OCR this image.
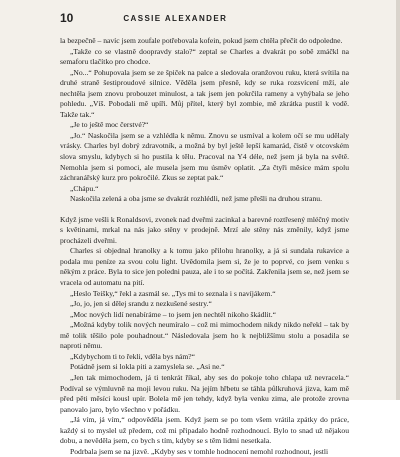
10	CASSIE ALEXANDER

la bezpečně – navíc jsem zoufale potřebovala kofein, pokud jsem chtěla přečít do odpoledne.

„Takže co se vlastně doopravdy stalo?“ zeptal se Charles a dvakrát po sobě zmáčkl na semaforu tlačítko pro chodce.

„No...“ Pohupovala jsem se ze špiček na palce a sledovala oranžovou ruku, která svítila na druhé straně šestiproudové silnice. Věděla jsem přesně, kdy se ruka rozsvícení mží, ale nechtěla jsem znovu probouzet minulost, a tak jsem jen pokrčila rameny a vyhýbala se jeho pohledu. „Víš. Pobodali mě upíři. Můj přítel, který byl zombie, mě zkrátka pustil k vodě. Takže tak.“

„Je to ještě moc čerstvé?“

„Jo.“ Naskočila jsem se a vzhlédla k němu. Znovu se usmíval a kolem očí se mu udělaly vrásky. Charles byl dobrý zdravotník, a možná by byl ještě lepší kamarád, čistě v otcovském slova smyslu, kdybych si ho pustila k tělu. Pracoval na Y4 déle, než jsem já byla na světě. Nemohla jsem si pomoci, ale musela jsem mu úsměv oplatit. „Za čtyři měsíce mám spolu záchranářský kurz pro pokročilé. Zkus se zeptat pak.“

„Chápu.“

Naskočila zelená a oba jsme se dvakrát rozhlédli, než jsme přešli na druhou stranu.

Když jsme vešli k Ronaldsovi, zvonek nad dveřmi zacinkal a barevné roztřesený mléčný motiv s květinami, mrkal na nás jako stěny v prodejně. Mrzí ale stěny nás změnily, když jsme procházeli dveřmi.

Charles si objednal hranolky a k tomu jako přilohu hranolky, a já si sundala rukavice a podala mu peníze za svou colu light. Uvědomila jsem si, že je to poprvé, co jsem venku s někým z práce. Byla to sice jen poledni pauza, ale i to se počítá. Zakřenila jsem se, než jsem se vracela od automatu na pití.

„Heslo Teišky,“ řekl a zasmál se. „Tys mi to seznala i s navíjákem.“

„Jo, jo, jen si dělej srandu z nezkušené sestry.“

„Moc nových lidí nenabíráme – to jsem jen nechtěl nikoho škádlit.“

„Možná kdyby tolik nových neumíralo – což mi mimochodem nikdy nikdo neřekl – tak by mě tolik těšilo pole pouhadnout.“ Následovala jsem ho k nejbližšímu stolu a posadila se naproti němu.

„Kdybychom ti to řekli, vděla bys nám?“

Potádně jsem si lokla piti a zamyslela se. „Asi ne.“

„Jen tak mimochodem, já ti tenkrát říkal, aby ses do pokoje toho chlapa už nevracela.“ Podíval se výmluvně na moji levou ruku. Na jejím hřbetu se táhla půlkruhová jizva, kam mě před pěti měsíci kousl upír. Bolela mě jen tehdy, když byla venku zima, ale protože zrovna panovalo jaro, bylo všechno v pořádku.

„Já vím, já vím,“ odpověděla jsem. Když jsem se po tom všem vrátila zpátky do práce, každý si to myslel už předem, což mi připadalo hodně rozhodnoucí. Bylo to snad už nějakou dobu, a nevěděla jsem, co bych s tím, kdyby se s těm lidmi nesetkala.

Podrbala jsem se na jizvě. „Kdyby ses v tomhle hodnocení nemohl rozhodnout, jestli
